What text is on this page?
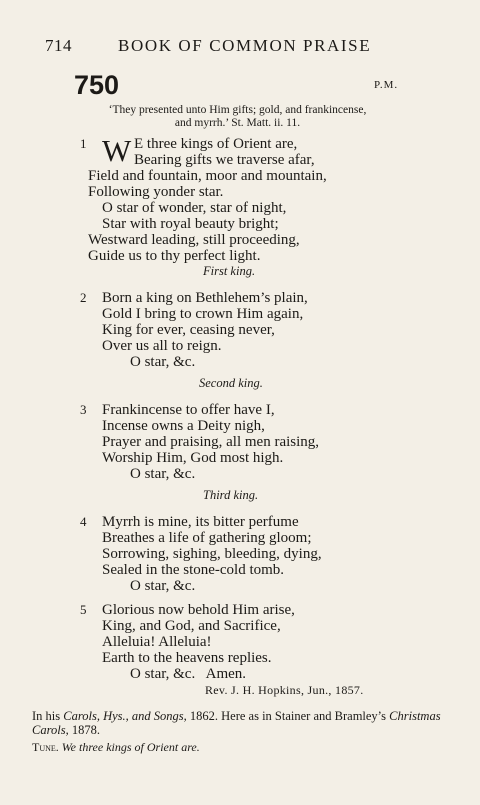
714	BOOK OF COMMON PRAISE
750	P.M.
‘They presented unto Him gifts; gold, and frankincense,
and myrrh.’ St. Matt. ii. 11.
1 W E three kings of Orient are,
Bearing gifts we traverse afar,
Field and fountain, moor and mountain,
Following yonder star.
O star of wonder, star of night,
Star with royal beauty bright;
Westward leading, still proceeding,
Guide us to thy perfect light.
First king.
2	Born a king on Bethlehem’s plain,
Gold I bring to crown Him again,
King for ever, ceasing never,
Over us all to reign.
O star, &c.
Second king.
3	Frankincense to offer have I,
Incense owns a Deity nigh,
Prayer and praising, all men raising,
Worship Him, God most high.
O star, &c.
Third king.
4	Myrrh is mine, its bitter perfume
Breathes a life of gathering gloom;
Sorrowing, sighing, bleeding, dying,
Sealed in the stone-cold tomb.
O star, &c.
5	Glorious now behold Him arise,
King, and God, and Sacrifice,
Alleluia! Alleluia!
Earth to the heavens replies.
O star, &c.   Amen.
Rev. J. H. Hopkins, Jun., 1857.
In his Carols, Hys., and Songs, 1862. Here as in Stainer and Bramley’s Christmas Carols, 1878.
Tune. We three kings of Orient are.
